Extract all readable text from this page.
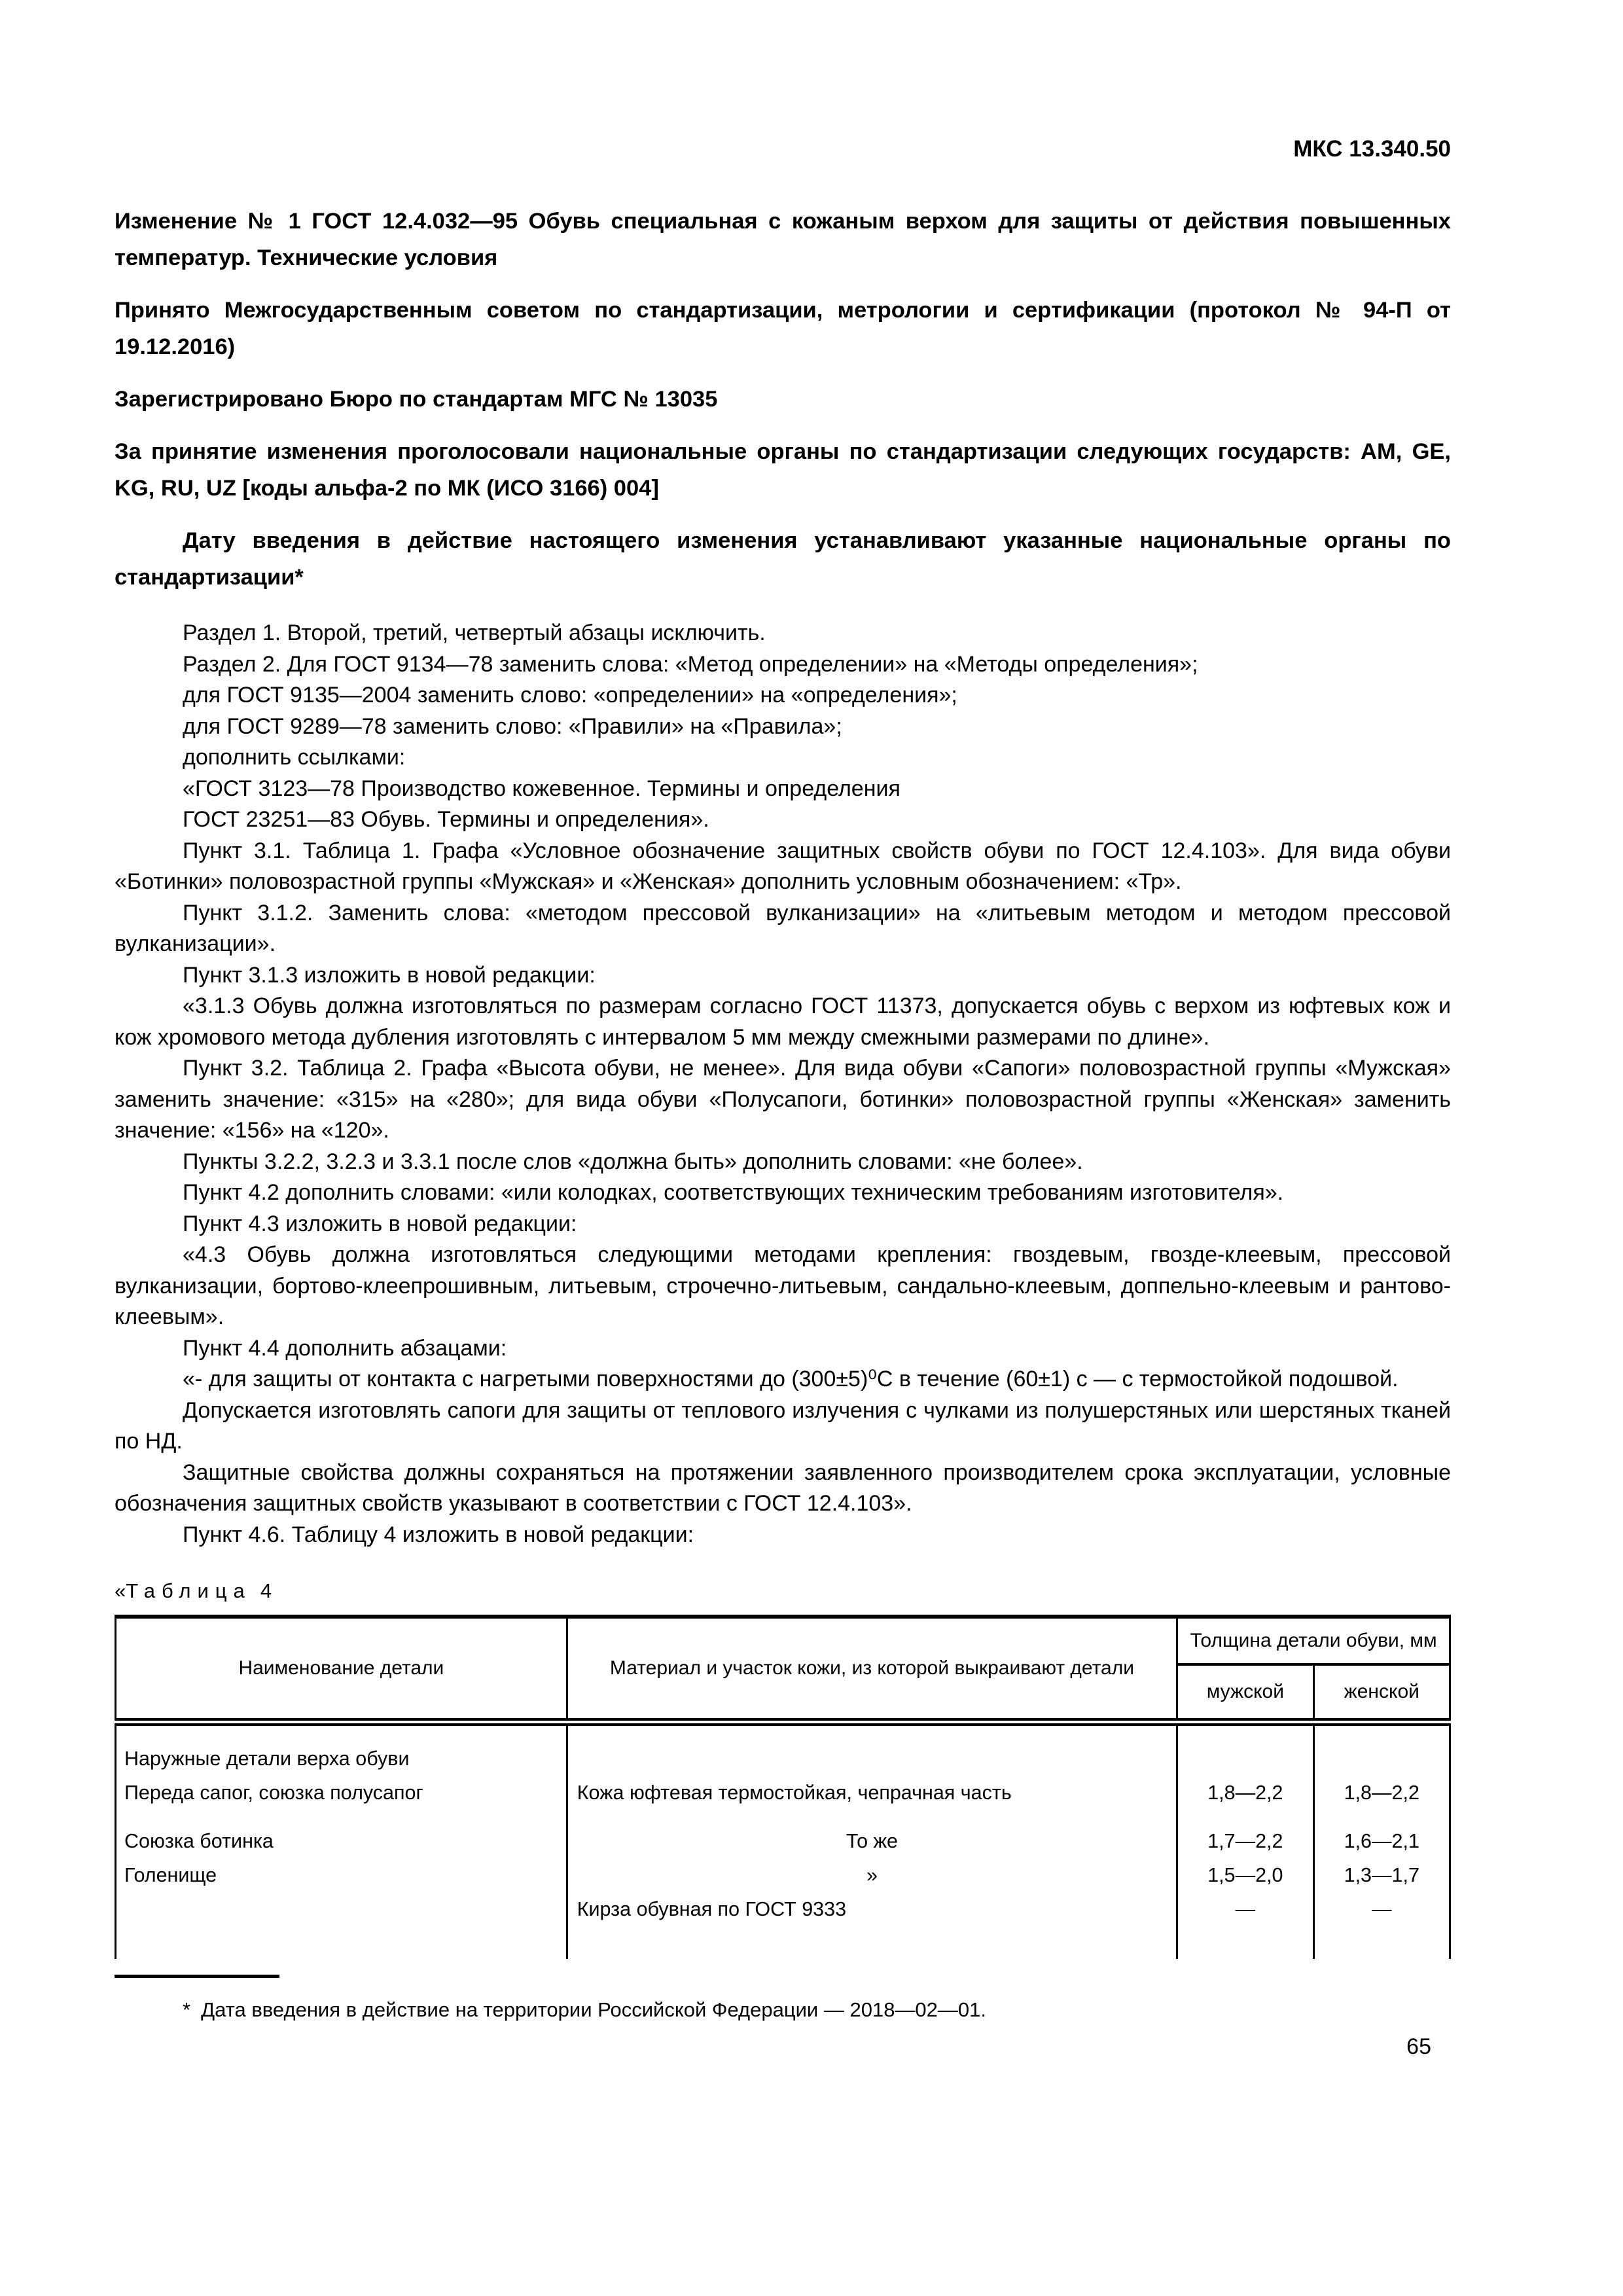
МКС 13.340.50

Изменение № 1 ГОСТ 12.4.032—95 Обувь специальная с кожаным верхом для защиты от действия повышенных температур. Технические условия

Принято Межгосударственным советом по стандартизации, метрологии и сертификации (протокол № 94-П от 19.12.2016)

Зарегистрировано Бюро по стандартам МГС № 13035

За принятие изменения проголосовали национальные органы по стандартизации следующих государств: AM, GE, KG, RU, UZ [коды альфа-2 по МК (ИСО 3166) 004]

Дату введения в действие настоящего изменения устанавливают указанные национальные органы по стандартизации*

Раздел 1. Второй, третий, четвертый абзацы исключить.

Раздел 2. Для ГОСТ 9134—78 заменить слова: «Метод определении» на «Методы определения»;

для ГОСТ 9135—2004 заменить слово: «определении» на «определения»;

для ГОСТ 9289—78 заменить слово: «Правили» на «Правила»;

дополнить ссылками:

«ГОСТ 3123—78 Производство кожевенное. Термины и определения

ГОСТ 23251—83 Обувь. Термины и определения».

Пункт 3.1. Таблица 1. Графа «Условное обозначение защитных свойств обуви по ГОСТ 12.4.103». Для вида обуви «Ботинки» половозрастной группы «Мужская» и «Женская» дополнить условным обозначением: «Тр».

Пункт 3.1.2. Заменить слова: «методом прессовой вулканизации» на «литьевым методом и методом прессовой вулканизации».

Пункт 3.1.3 изложить в новой редакции:

«3.1.3 Обувь должна изготовляться по размерам согласно ГОСТ 11373, допускается обувь с верхом из юфтевых кож и кож хромового метода дубления изготовлять с интервалом 5 мм между смежными размерами по длине».

Пункт 3.2. Таблица 2. Графа «Высота обуви, не менее». Для вида обуви «Сапоги» половозрастной группы «Мужская» заменить значение: «315» на «280»; для вида обуви «Полусапоги, ботинки» половозрастной группы «Женская» заменить значение: «156» на «120».

Пункты 3.2.2, 3.2.3 и 3.3.1 после слов «должна быть» дополнить словами: «не более».

Пункт 4.2 дополнить словами: «или колодках, соответствующих техническим требованиям изготовителя».

Пункт 4.3 изложить в новой редакции:

«4.3 Обувь должна изготовляться следующими методами крепления: гвоздевым, гвозде-клеевым, прессовой вулканизации, бортово-клеепрошивным, литьевым, строчечно-литьевым, сандально-клеевым, доппельно-клеевым и рантово-клеевым».

Пункт 4.4 дополнить абзацами:

«- для защиты от контакта с нагретыми поверхностями до (300±5)⁰С в течение (60±1) с — с термостойкой подошвой.

Допускается изготовлять сапоги для защиты от теплового излучения с чулками из полушерстяных или шерстяных тканей по НД.

Защитные свойства должны сохраняться на протяжении заявленного производителем срока эксплуатации, условные обозначения защитных свойств указывают в соответствии с ГОСТ 12.4.103».

Пункт 4.6. Таблицу 4 изложить в новой редакции:

«Таблица 4
Наименование детали	Материал и участок кожи, из которой выкраивают детали	Толщина детали обуви, мм	
		мужской	женской
Наружные детали верха обуви			
Переда сапог, союзка полусапог	Кожа юфтевая термостойкая, чепрачная часть	1,8—2,2	1,8—2,2
Союзка ботинка	То же	1,7—2,2	1,6—2,1
Голенище	»	1,5—2,0	1,3—1,7
	Кирза обувная по ГОСТ 9333	—	—

* Дата введения в действие на территории Российской Федерации — 2018—02—01.

65
